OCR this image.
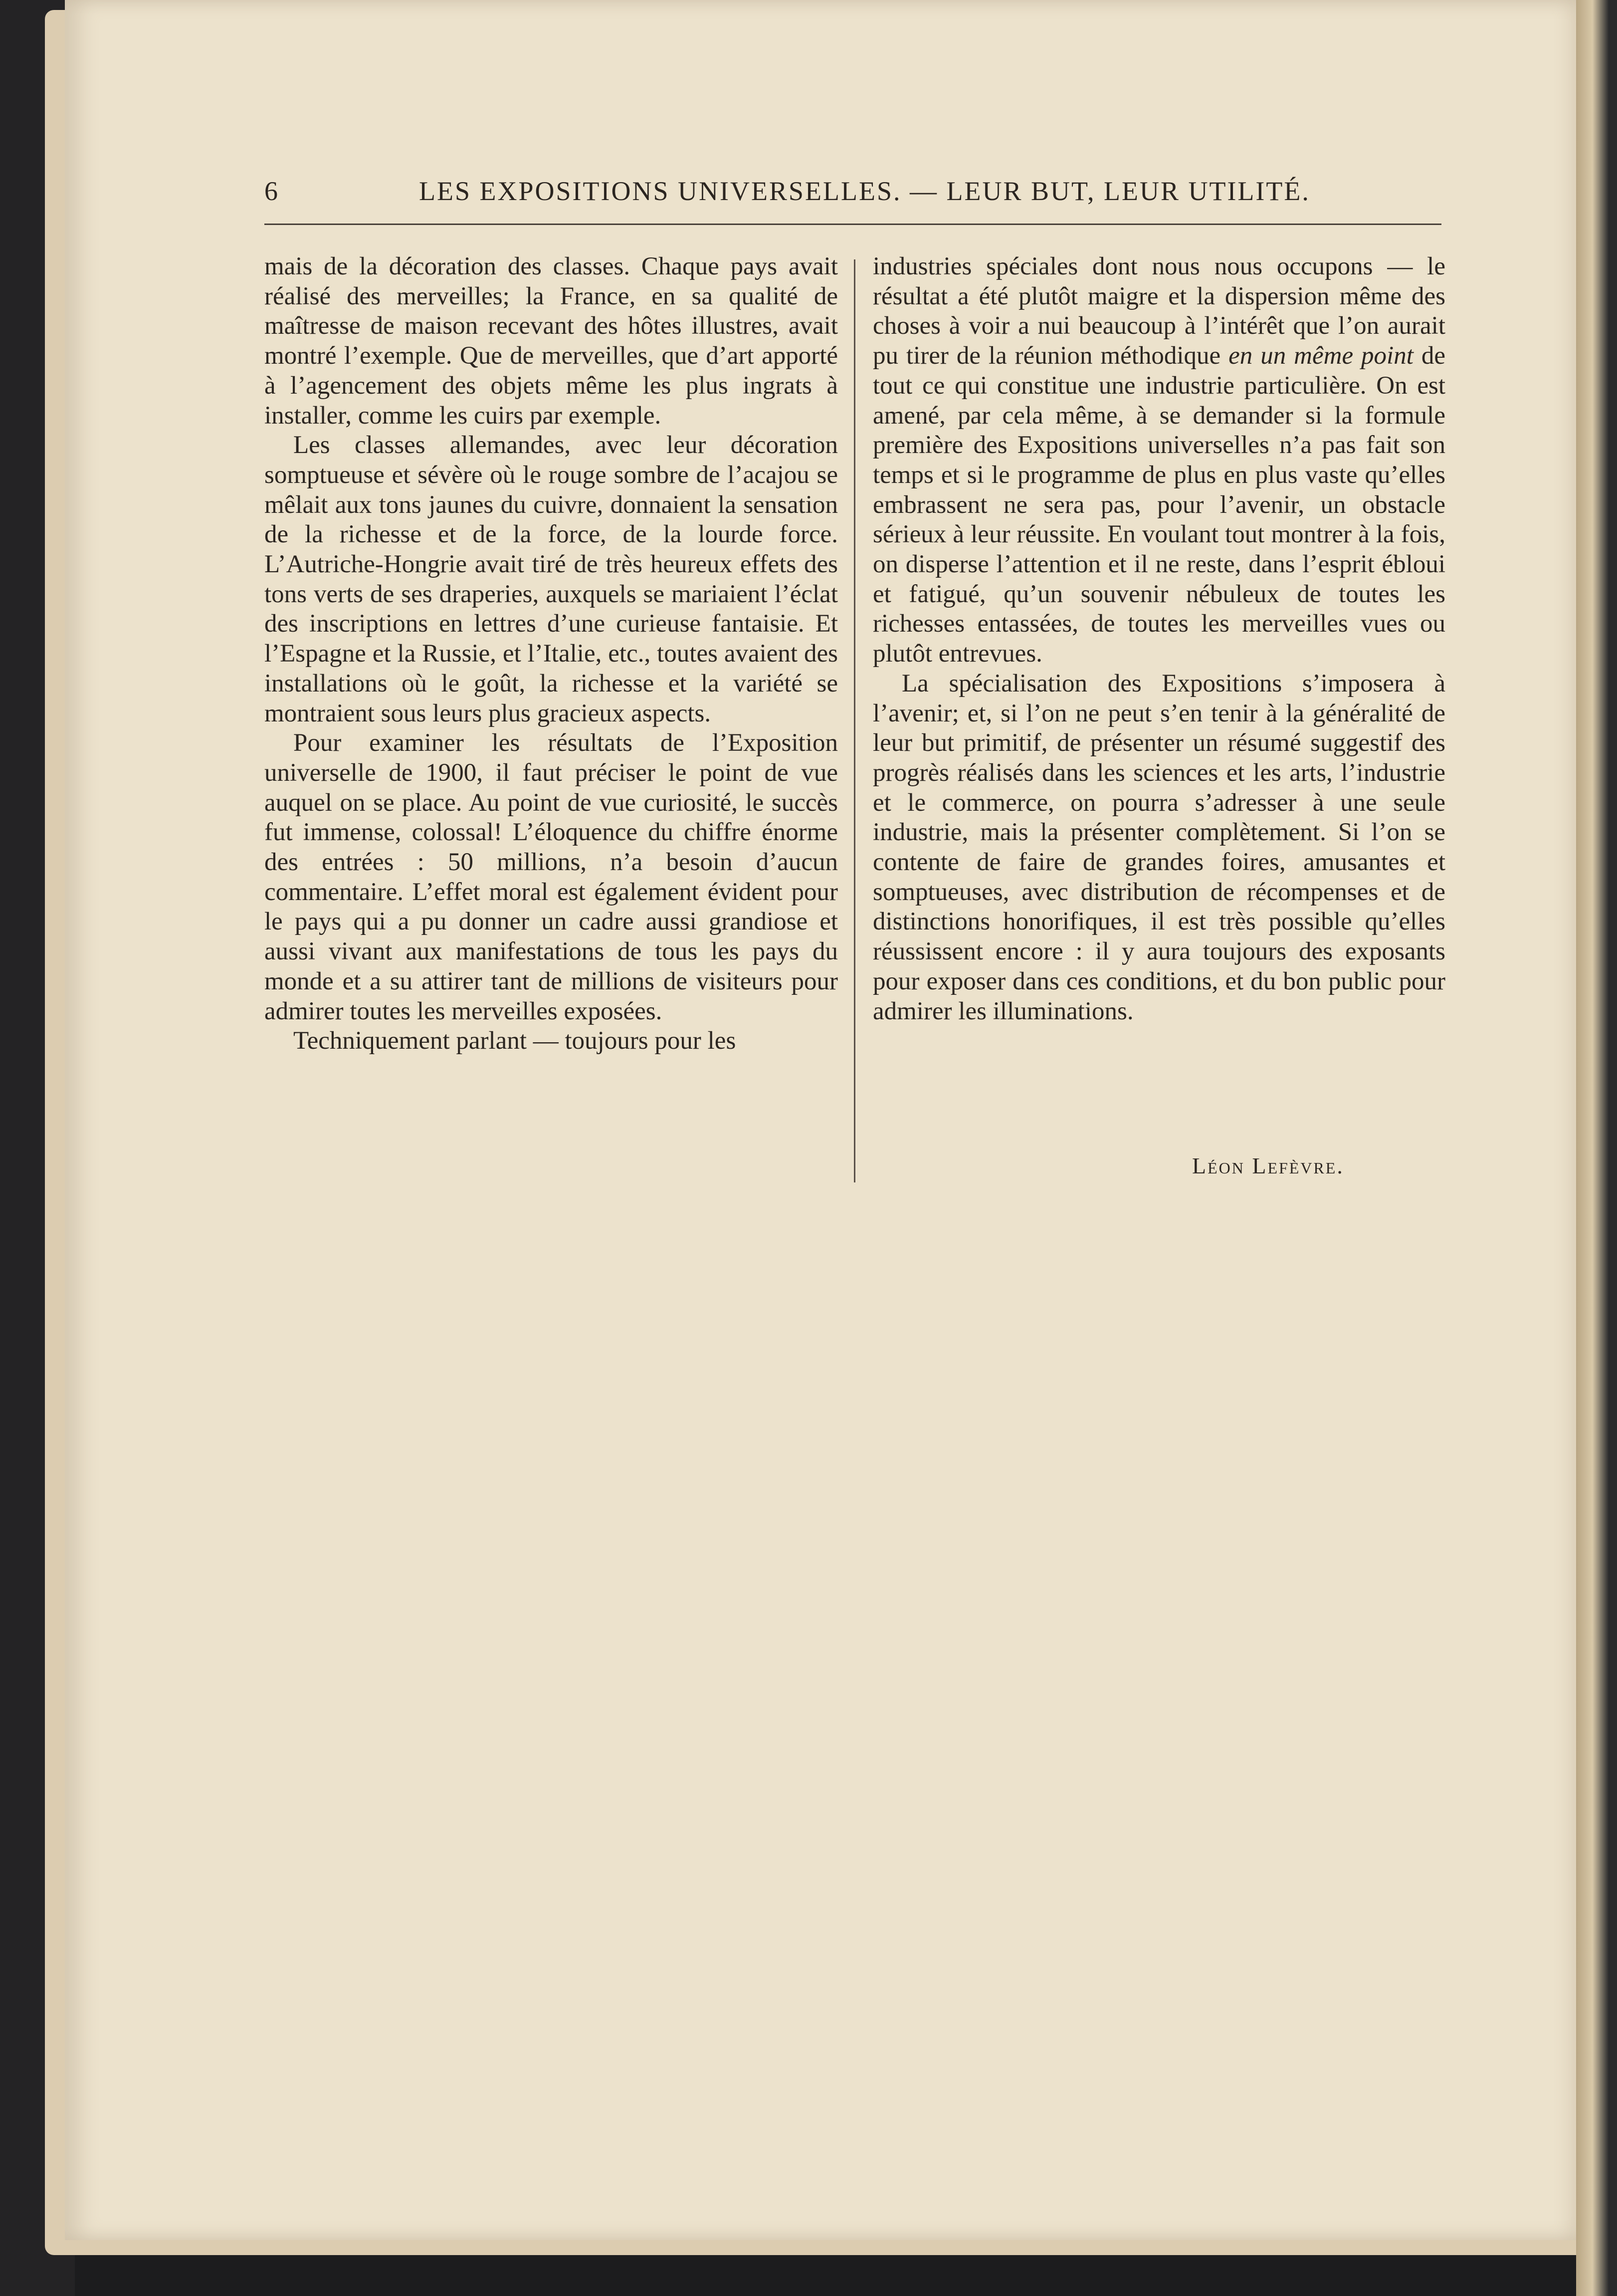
6	LES EXPOSITIONS UNIVERSELLES. — LEUR BUT, LEUR UTILITÉ.

mais de la décoration des classes. Chaque pays avait réalisé des merveilles; la France, en sa qualité de maîtresse de maison recevant des hôtes illustres, avait montré l’exemple. Que de merveilles, que d’art apporté à l’agencement des objets même les plus ingrats à installer, comme les cuirs par exemple.

Les classes allemandes, avec leur décoration somptueuse et sévère où le rouge sombre de l’acajou se mêlait aux tons jaunes du cuivre, donnaient la sensation de la richesse et de la force, de la lourde force. L’Autriche-Hongrie avait tiré de très heureux effets des tons verts de ses draperies, auxquels se mariaient l’éclat des inscriptions en lettres d’une curieuse fantaisie. Et l’Espagne et la Russie, et l’Italie, etc., toutes avaient des installations où le goût, la richesse et la variété se montraient sous leurs plus gracieux aspects.

Pour examiner les résultats de l’Exposition universelle de 1900, il faut préciser le point de vue auquel on se place. Au point de vue curiosité, le succès fut immense, colossal! L’éloquence du chiffre énorme des entrées : 50 millions, n’a besoin d’aucun commentaire. L’effet moral est également évident pour le pays qui a pu donner un cadre aussi grandiose et aussi vivant aux manifestations de tous les pays du monde et a su attirer tant de millions de visiteurs pour admirer toutes les merveilles exposées.

Techniquement parlant — toujours pour les

industries spéciales dont nous nous occupons — le résultat a été plutôt maigre et la dispersion même des choses à voir a nui beaucoup à l’intérêt que l’on aurait pu tirer de la réunion méthodique en un même point de tout ce qui constitue une industrie particulière. On est amené, par cela même, à se demander si la formule première des Expositions universelles n’a pas fait son temps et si le programme de plus en plus vaste qu’elles embrassent ne sera pas, pour l’avenir, un obstacle sérieux à leur réussite. En voulant tout montrer à la fois, on disperse l’attention et il ne reste, dans l’esprit ébloui et fatigué, qu’un souvenir nébuleux de toutes les richesses entassées, de toutes les merveilles vues ou plutôt entrevues.

La spécialisation des Expositions s’imposera à l’avenir; et, si l’on ne peut s’en tenir à la généralité de leur but primitif, de présenter un résumé suggestif des progrès réalisés dans les sciences et les arts, l’industrie et le commerce, on pourra s’adresser à une seule industrie, mais la présenter complètement. Si l’on se contente de faire de grandes foires, amusantes et somptueuses, avec distribution de récompenses et de distinctions honorifiques, il est très possible qu’elles réussissent encore : il y aura toujours des exposants pour exposer dans ces conditions, et du bon public pour admirer les illuminations.

Léon Lefèvre.
